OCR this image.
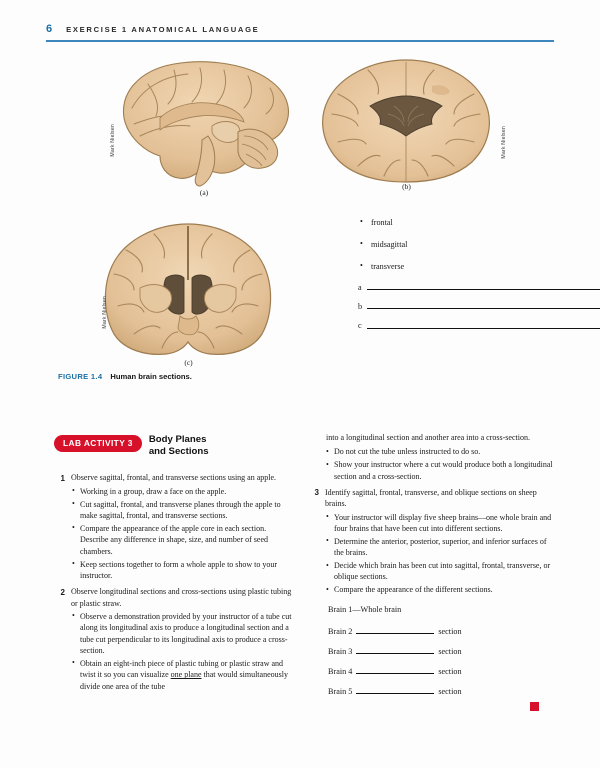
6 EXERCISE 1 ANATOMICAL LANGUAGE
(a)
Mark Nielsen
(b)
Mark Nielsen
(c)
Mark Nielsen
• frontal
• midsagittal
• transverse
a
b
c
FIGURE 1.4 Human brain sections.
LAB ACTIVITY 3	Body Planes
and Sections
1 Observe sagittal, frontal, and transverse sections using an apple.
• Working in a group, draw a face on the apple.
• Cut sagittal, frontal, and transverse planes through the apple to make sagittal, frontal, and transverse sections.
• Compare the appearance of the apple core in each section. Describe any difference in shape, size, and number of seed chambers.
• Keep sections together to form a whole apple to show to your instructor.
2 Observe longitudinal sections and cross-sections using plastic tubing or plastic straw.
• Observe a demonstration provided by your instructor of a tube cut along its longitudinal axis to produce a longitudinal section and a tube cut perpendicular to its longitudinal axis to produce a cross-section.
• Obtain an eight-inch piece of plastic tubing or plastic straw and twist it so you can visualize one plane that would simultaneously divide one area of the tube
into a longitudinal section and another area into a cross-section.
• Do not cut the tube unless instructed to do so.
• Show your instructor where a cut would produce both a longitudinal section and a cross-section.
3 Identify sagittal, frontal, transverse, and oblique sections on sheep brains.
• Your instructor will display five sheep brains—one whole brain and four brains that have been cut into different sections.
• Determine the anterior, posterior, superior, and inferior surfaces of the brains.
• Decide which brain has been cut into sagittal, frontal, transverse, or oblique sections.
• Compare the appearance of the different sections.
Brain 1—Whole brain
Brain 2	section
Brain 3	section
Brain 4	section
Brain 5	section
